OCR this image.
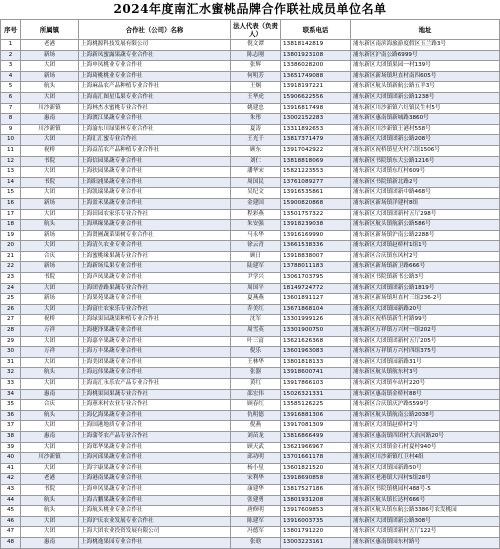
2024年度南汇水蜜桃品牌合作联社成员单位名单
序号	所属镇	合作社（公司）名称	法人代表（负责人）	联系电话	地址
1	老港	上海桃源科技发展有限公司	倪文谭	13818142819	浦东新区南滨海旅游度假区玉兰路3号
2	新场	上海新凤蜜露果蔬专业合作社	陈志刚	13801923108	浦东新区沪南公路6999号
3	大团	上海申凤桃业专业合作社	张辉	13386028200	浦东新区大团镇果园一村139号
4	新场	上海琦桃桃业专业合作社	何明芳	13651749088	浦东新区新场镇坦直村南四605号
5	航头	上海麻品农产品种植专业合作社	王炯	13918197221	浦东新区航头镇新航公路五羊3号
6	大团	上海南汇图星瓜果专业合作社	王华虎	15906622556	浦东新区大团镇团新公路1238号
7	川沙新镇	上海林杰水蜜桃专业合作社	姚建忠	13916817498	浦东新区川沙新镇六灶镇民生村5号
8	惠南	上海渡江果蔬专业合作社	朱彤	13002152283	浦东新区惠南镇新城路3860号
9	川沙新镇	上海渝东川绿果林专业合作社	夏涛	13311892653	浦东新区川沙新镇王港村558号
10	大团	上海汇汇蜜专业合作社	王光千	13817371479	浦东新区大团镇团新公路208号
11	祝桥	上海益茁农产品种植专业合作社	顾东	13917042922	浦东新区祝桥镇星火村六组1506号
12	书院	上海信园果蔬专业合作社	刘仁	13818818069	浦东新区书院镇东大公路1216号
13	大团	上海扶园果蔬专业合作社	潘华宋	15821223553	浦东新区大团镇东红村609号
14	书院	上海阳浦果蔬专业合作社	周国民	13761089277	浦东新区书院镇新北路2号
15	大团	上海凯瑞果蔬专业合作社	吴纪文	13916535861	浦东新区大团镇团新中路468号
16	新场	上海盈禾果蔬专业合作社	金建国	15900820868	浦东新区新场镇洋建村8组
17	大团	上海田园农家乐专业合作社	程彩燕	13501757322	浦东新区大团镇团新村五厅298号
18	航头	上海琪缘果蔬专业合作社	朱安强	13918239038	浦东新区航头镇航新公路586号
19	新场	上海贤圃蔬菜果树专业合作社	马永华	13916169990	浦东新区新场镇沪南公路2288号
20	大团	上海清久农业专业合作社	徐云青	13661538336	浦东新区大团镇赵桥村1组1号
21	合庆	上海蜜桃缘果蔬专业合作社	顾日	13918838007	浦东新区合庆镇东风村2号
22	新场	上海新场瓜果专业合作社	陆建军	13788011183	浦东新区新场镇新卫路666号
23	书院	上海声凤果蔬专业合作社	尹学兴	13061703795	浦东新区书院镇新书公路3号
24	大团	上海团香路果蔬专业合作社	周国平	18149724772	浦东新区大团镇团新公路1819号
25	新场	上海果苑果蔬专业合作社	夏燕燕	13601891127	浦东新区新场镇坦直村三组236-2号
26	大团	上海富庄农家乐专业合作社	乔美红	13671868104	浦东新区大团镇园新路20号
27	祝桥	上海绿果园蔬果种植专业合作社	沈军	13301999126	浦东新区祝桥镇新生村路99号
28	万祥	上海捷泽果蔬专业合作社	周雪英	13301900750	浦东新区万祥镇万兴村一组202号
29	大团	上海嘉辛果蔬专业合作社	叶三富	13621626368	浦东新区大团镇团新村五厅205号
30	万祥	上海万丰果蔬专业合作社	倪乐	13601963083	浦东新区万祥镇万兴村四组375号
31	大团	上海美团果蔬专业合作社	王林华	13801818133	浦东新区大团镇园新路31号
32	航头	上海远伟果蔬专业合作社	张器	13918600741	浦东新区航头镇航东村3号
33	大团	上海南汇永乐农产品专业合作社	黄红	13917866103	浦东新区大团镇车站村220号
34	惠南	上海桃果园果蔬专业合作社	邵宏伟	15026321331	浦东新区惠南镇金桥村88号
35	合庆	上海蕙米村农业专业合作社	顾春红	13585126225	浦东新区合庆镇庆沪路5599号
36	航头	上海亿海果蔬专业合作社	仇明德	13916881306	浦东新区航头镇航南公路2038号
37	大团	上海国港地质专业合作社	倪燕	13917081309	浦东新区大团镇赵桥村2号
38	惠南	上海蒲苓农产品专业合作社	刘苗龙	13816866499	浦东新区惠南镇四团村大治河路20号
39	大团	上海郑华果蔬专业合作社	顾天武	13621966967	浦东新区大团镇金石村夏村940号
40	川沙新镇	上海河邱果蔬专业合作社	邱功明	13701661178	浦东新区川沙新镇红卫村4组
41	大团	上海宇康果蔬专业合作社	杨小星	13601821520	浦东新区大团镇园新路50号
42	老港	上海港南果蔬专业合作社	宋利华	13918690858	浦东新区老港镇大河村5组28号
43	书院	上海申风果蔬专业合作社	康建华	13817527186	浦东新区书院镇桃园村488号-5
44	航头	上海古鹏果蔬专业合作社	张建勇	13801931208	浦东新区航头镇长达村666号
45	航头	上海航头桃业专业合作社	唐修明	13917609853	浦东新区航头镇东航公路3386号农发桃园
46	大团	上海沪庆农业发展专业合作社	陈建军	13916003735	浦东新区大团镇团新公路308号
47	大团	上海大团农业投资发展有限公司	冯德军	13801791220	浦东新区大团镇团新村五厅122号
48	惠南	上海桃逸果园专业合作社	张晗	13003223161	浦东新区惠南镇园东村路号
